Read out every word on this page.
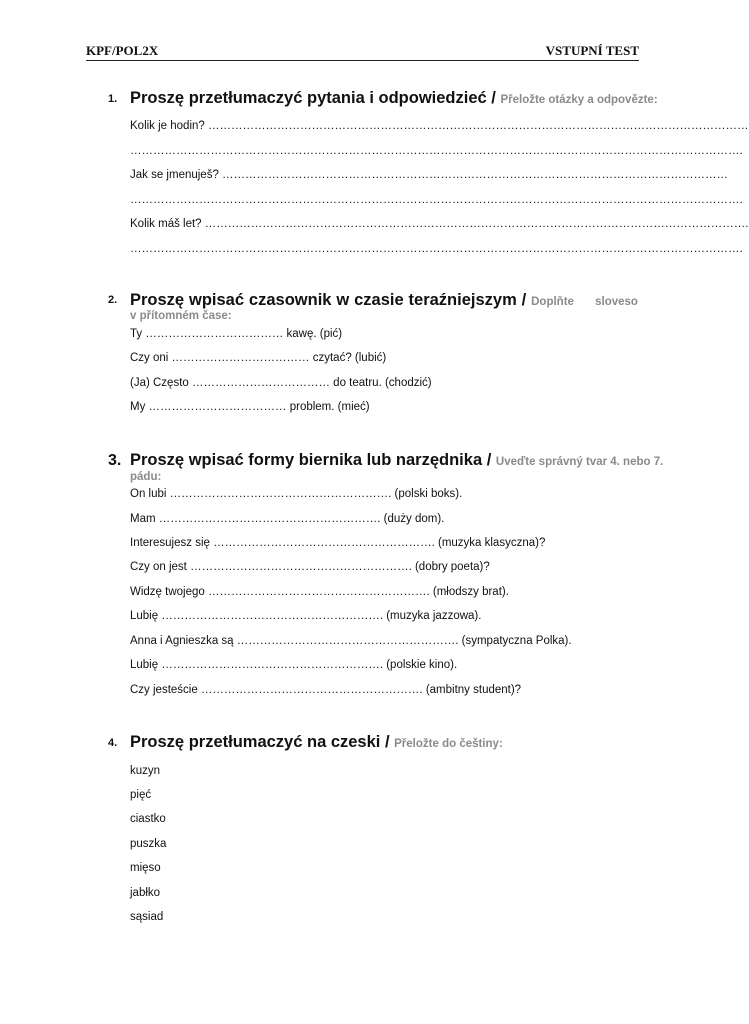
KPF/POL2X	VSTUPNÍ TEST
1. Proszę przetłumaczyć pytania i odpowiedzieć / Přeložte otázky a odpovězte:
Kolik je hodin? ……………………………………………………………………………………………………………………………
…………………………………………………………………………………………………………………………………………….
Jak se jmenuješ? ……………………………………………………………………………………………………………………
…………………………………………………………………………………………………………………………………………….
Kolik máš let? …………………………………………………………………………………………………………………………….
…………………………………………………………………………………………………………………………………………….
2. Proszę wpisać czasownik w czasie teraźniejszym / Doplňte sloveso
v přítomném čase:
Ty ……………………………… kawę. (pić)
Czy oni ……………………………… czytać? (lubić)
(Ja) Często ……………………………… do teatru. (chodzić)
My ……………………………… problem. (mieć)
3. Proszę wpisać formy biernika lub narzędnika / Uveďte správný tvar 4. nebo 7.
pádu:
On lubi …………………………………………………. (polski boks).
Mam …………………………………………………. (duży dom).
Interesujesz się …………………………………………………. (muzyka klasyczna)?
Czy on jest …………………………………………………. (dobry poeta)?
Widzę twojego …………………………………………………. (młodszy brat).
Lubię …………………………………………………. (muzyka jazzowa).
Anna i Agnieszka są …………………………………………………. (sympatyczna Polka).
Lubię …………………………………………………. (polskie kino).
Czy jesteście …………………………………………………. (ambitny student)?
4. Proszę przetłumaczyć na czeski / Přeložte do češtiny:
kuzyn
pięć
ciastko
puszka
mięso
jabłko
sąsiad
